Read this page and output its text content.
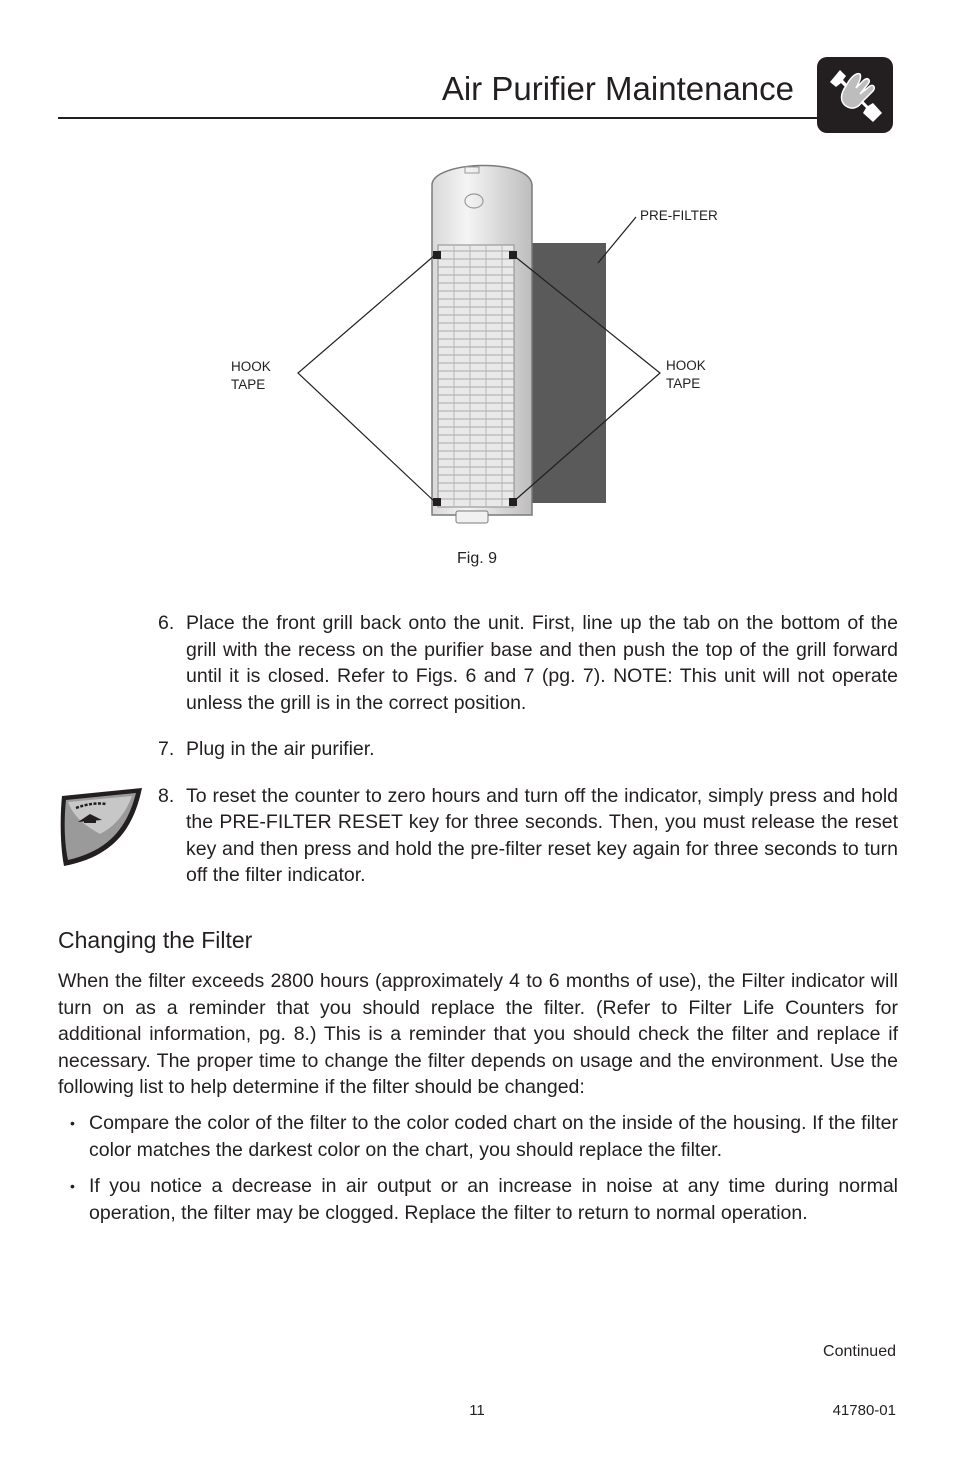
Air Purifier Maintenance
PRE-FILTER
HOOK
TAPE
HOOK
TAPE
Fig. 9
6. Place the front grill back onto the unit. First, line up the tab on the bottom of the grill with the recess on the purifier base and then push the top of the grill forward until it is closed. Refer to Figs. 6 and 7 (pg. 7). NOTE: This unit will not operate unless the grill is in the correct position.
7. Plug in the air purifier.
8. To reset the counter to zero hours and turn off the indicator, simply press and hold the PRE-FILTER RESET key for three seconds. Then, you must release the reset key and then press and hold the pre-filter reset key again for three seconds to turn off the filter indicator.
Changing the Filter
When the filter exceeds 2800 hours (approximately 4 to 6 months of use), the Filter indicator will turn on as a reminder that you should replace the filter. (Refer to Filter Life Counters for additional information, pg. 8.) This is a reminder that you should check the filter and replace if necessary. The proper time to change the filter depends on usage and the environment. Use the following list to help determine if the filter should be changed:
• Compare the color of the filter to the color coded chart on the inside of the housing. If the filter color matches the darkest color on the chart, you should replace the filter.
• If you notice a decrease in air output or an increase in noise at any time during normal operation, the filter may be clogged. Replace the filter to return to normal operation.
Continued
11	41780-01
